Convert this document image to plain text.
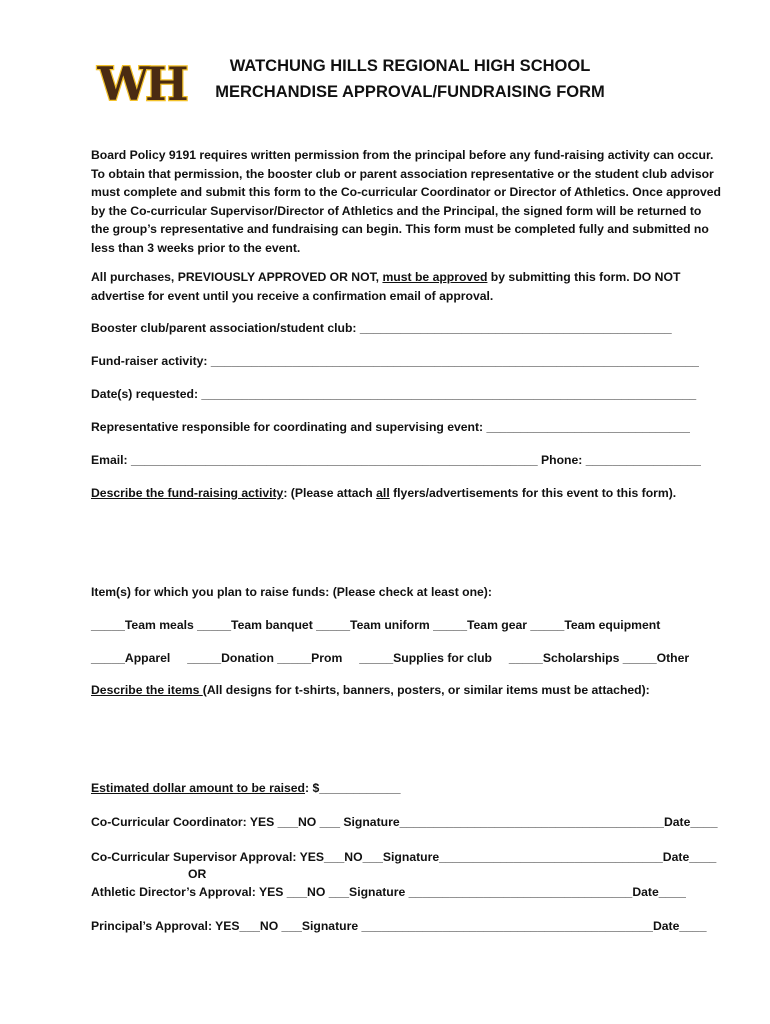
WH	WATCHUNG HILLS REGIONAL HIGH SCHOOL
MERCHANDISE APPROVAL/FUNDRAISING FORM
Board Policy 9191 requires written permission from the principal before any fund-raising activity can occur.
To obtain that permission, the booster club or parent association representative or the student club advisor
must complete and submit this form to the Co-curricular Coordinator or Director of Athletics. Once approved
by the Co-curricular Supervisor/Director of Athletics and the Principal, the signed form will be returned to
the group’s representative and fundraising can begin. This form must be completed fully and submitted no
less than 3 weeks prior to the event.
All purchases, PREVIOUSLY APPROVED OR NOT, must be approved by submitting this form. DO NOT
advertise for event until you receive a confirmation email of approval.
Booster club/parent association/student club: ______________________________________________
Fund-raiser activity: ________________________________________________________________________
Date(s) requested: _________________________________________________________________________
Representative responsible for coordinating and supervising event: ______________________________
Email: ____________________________________________________________ Phone: _________________
Describe the fund-raising activity: (Please attach all flyers/advertisements for this event to this form).
Item(s) for which you plan to raise funds: (Please check at least one):
_____Team meals _____Team banquet _____Team uniform _____Team gear _____Team equipment
_____Apparel     _____Donation _____Prom     _____Supplies for club     _____Scholarships _____Other
Describe the items (All designs for t-shirts, banners, posters, or similar items must be attached):
Estimated dollar amount to be raised: $____________
Co-Curricular Coordinator: YES ___NO ___ Signature_______________________________________Date____
Co-Curricular Supervisor Approval: YES___NO___Signature_________________________________Date____
OR
Athletic Director’s Approval: YES ___NO ___Signature _________________________________Date____
Principal’s Approval: YES___NO ___Signature ___________________________________________Date____
